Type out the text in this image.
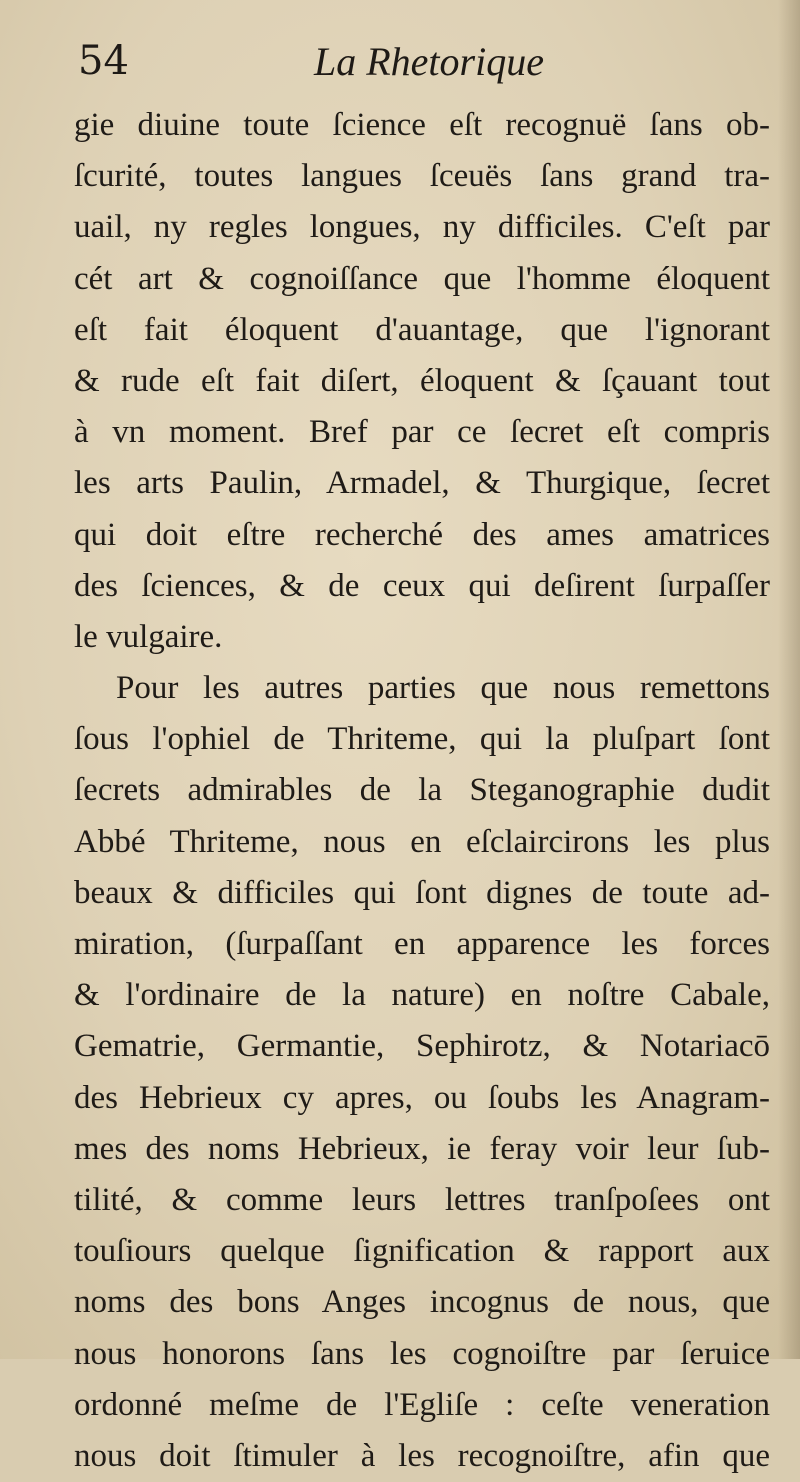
54	La Rhetorique
gie diuine toute ſcience eſt recognuë ſans ob-
ſcurité, toutes langues ſceuës ſans grand tra-
uail, ny regles longues, ny difficiles. C'eſt par
cét art & cognoiſſance que l'homme éloquent
eſt fait éloquent d'auantage, que l'ignorant
& rude eſt fait diſert, éloquent & ſçauant tout
à vn moment. Bref par ce ſecret eſt compris
les arts Paulin, Armadel, & Thurgique, ſecret
qui doit eſtre recherché des ames amatrices
des ſciences, & de ceux qui deſirent ſurpaſſer
le vulgaire.
Pour les autres parties que nous remettons
ſous l'ophiel de Thriteme, qui la pluſpart ſont
ſecrets admirables de la Steganographie dudit
Abbé Thriteme, nous en eſclaircirons les plus
beaux & difficiles qui ſont dignes de toute ad-
miration, (ſurpaſſant en apparence les forces
& l'ordinaire de la nature) en noſtre Cabale,
Gematrie, Germantie, Sephirotz, & Notariacō
des Hebrieux cy apres, ou ſoubs les Anagram-
mes des noms Hebrieux, ie feray voir leur ſub-
tilité, & comme leurs lettres tranſpoſees ont
touſiours quelque ſignification & rapport aux
noms des bons Anges incognus de nous, que
nous honorons ſans les cognoiſtre par ſeruice
ordonné meſme de l'Egliſe : ceſte veneration
nous doit ſtimuler à les recognoiſtre, afin que
